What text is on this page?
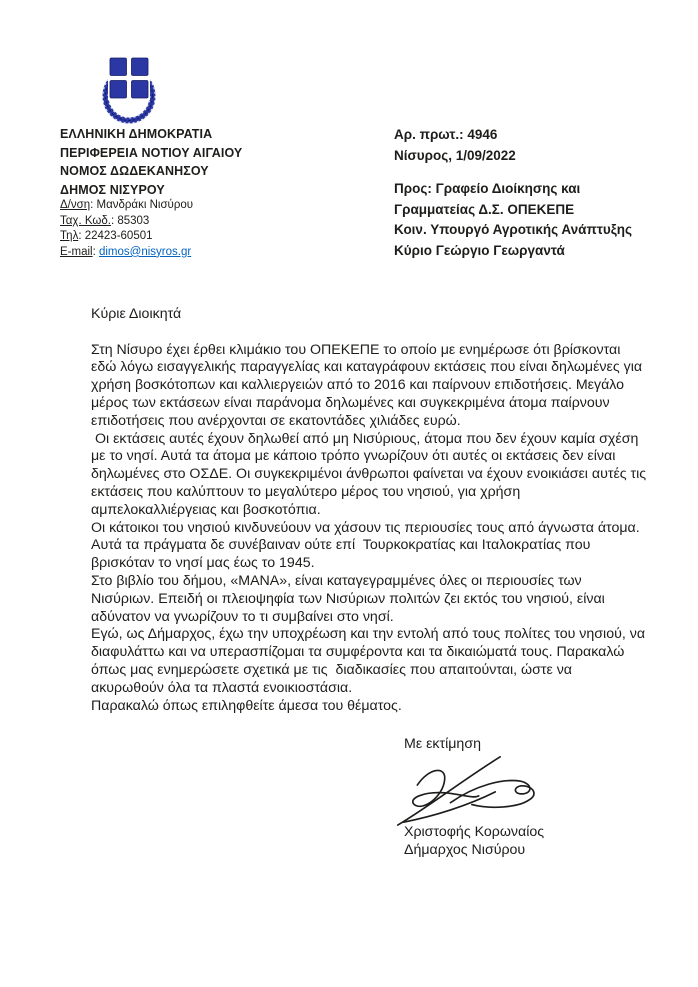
ΕΛΛΗΝΙΚΗ ΔΗΜΟΚΡΑΤΙΑ
ΠΕΡΙΦΕΡΕΙΑ ΝΟΤΙΟΥ ΑΙΓΑΙΟΥ
ΝΟΜΟΣ ΔΩΔΕΚΑΝΗΣΟΥ
ΔΗΜΟΣ ΝΙΣΥΡΟΥ
Δ/νση : Μανδράκι Νισύρου
Ταχ. Κωδ. : 85303
Τηλ : 22423-60501
E-mail : dimos@nisyros.gr
Αρ. πρωτ.: 4946
Νίσυρος, 1/09/2022
Προς: Γραφείο Διοίκησης και
Γραμματείας Δ.Σ. ΟΠΕΚΕΠΕ
Κοιν. Υπουργό Αγροτικής Ανάπτυξης
Κύριο Γεώργιο Γεωργαντά

Κύριε Διοικητά

Στη Νίσυρο έχει έρθει κλιμάκιο του ΟΠΕΚΕΠΕ το οποίο με ενημέρωσε ότι βρίσκονται εδώ λόγω εισαγγελικής παραγγελίας και καταγράφουν εκτάσεις που είναι δηλωμένες για χρήση βοσκότοπων και καλλιεργειών από το 2016 και παίρνουν επιδοτήσεις. Μεγάλο μέρος των εκτάσεων είναι παράνομα δηλωμένες και συγκεκριμένα άτομα παίρνουν επιδοτήσεις που ανέρχονται σε εκατοντάδες χιλιάδες ευρώ.

Οι εκτάσεις αυτές έχουν δηλωθεί από μη Νισύριους, άτομα που δεν έχουν καμία σχέση με το νησί. Αυτά τα άτομα με κάποιο τρόπο γνωρίζουν ότι αυτές οι εκτάσεις δεν είναι δηλωμένες στο ΟΣΔΕ. Οι συγκεκριμένοι άνθρωποι φαίνεται να έχουν ενοικιάσει αυτές τις εκτάσεις που καλύπτουν το μεγαλύτερο μέρος του νησιού, για χρήση αμπελοκαλλιέργειας και βοσκοτόπια.

Οι κάτοικοι του νησιού κινδυνεύουν να χάσουν τις περιουσίες τους από άγνωστα άτομα. Αυτά τα πράγματα δε συνέβαιναν ούτε επί  Τουρκοκρατίας και Ιταλοκρατίας που βρισκόταν το νησί μας έως το 1945.

Στο βιβλίο του δήμου, «ΜΑΝΑ», είναι καταγεγραμμένες όλες οι περιουσίες των Νισύριων. Επειδή οι πλειοψηφία των Νισύριων πολιτών ζει εκτός του νησιού, είναι αδύνατον να γνωρίζουν το τι συμβαίνει στο νησί.

Εγώ, ως Δήμαρχος, έχω την υποχρέωση και την εντολή από τους πολίτες του νησιού, να διαφυλάττω και να υπερασπίζομαι τα συμφέροντα και τα δικαιώματά τους. Παρακαλώ όπως μας ενημερώσετε σχετικά με τις  διαδικασίες που απαιτούνται, ώστε να ακυρωθούν όλα τα πλαστά ενοικιοστάσια.

Παρακαλώ όπως επιληφθείτε άμεσα του θέματος.

Με εκτίμηση
Χριστοφής Κορωναίος
Δήμαρχος Νισύρου
